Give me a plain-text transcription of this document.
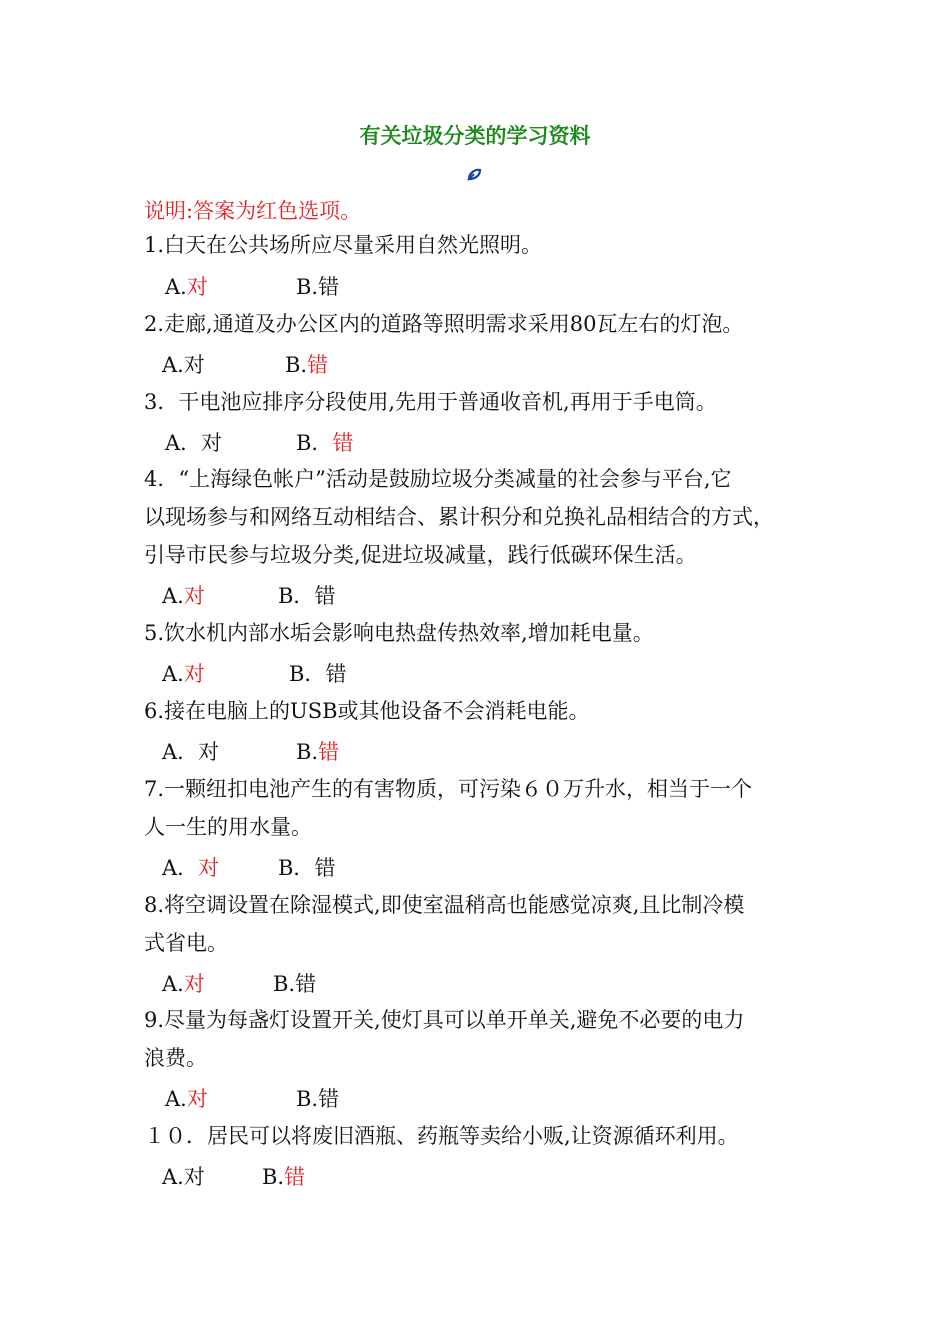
有关垃圾分类的学习资料
说明:答案为红色选项。
1.白天在公共场所应尽量采用自然光照明。
A.对	B.错
2.走廊,通道及办公区内的道路等照明需求采用80瓦左右的灯泡。
A.对	B.错
3．干电池应排序分段使用,先用于普通收音机,再用于手电筒。
A．对	B．错
4．“上海绿色帐户”活动是鼓励垃圾分类减量的社会参与平台,它
以现场参与和网络互动相结合、累计积分和兑换礼品相结合的方式，
引导市民参与垃圾分类,促进垃圾减量，践行低碳环保生活。
A.对	B．错
5.饮水机内部水垢会影响电热盘传热效率,增加耗电量。
A.对	B．错
6.接在电脑上的USB或其他设备不会消耗电能。
A．对	B.错
7.一颗纽扣电池产生的有害物质，可污染６０万升水，相当于一个
人一生的用水量。
A．对	B．错
8.将空调设置在除湿模式,即使室温稍高也能感觉凉爽,且比制冷模
式省电。
A.对	B.错
9.尽量为每盏灯设置开关,使灯具可以单开单关,避免不必要的电力
浪费。
A.对	B.错
１０．居民可以将废旧酒瓶、药瓶等卖给小贩,让资源循环利用。
A.对	B.错
